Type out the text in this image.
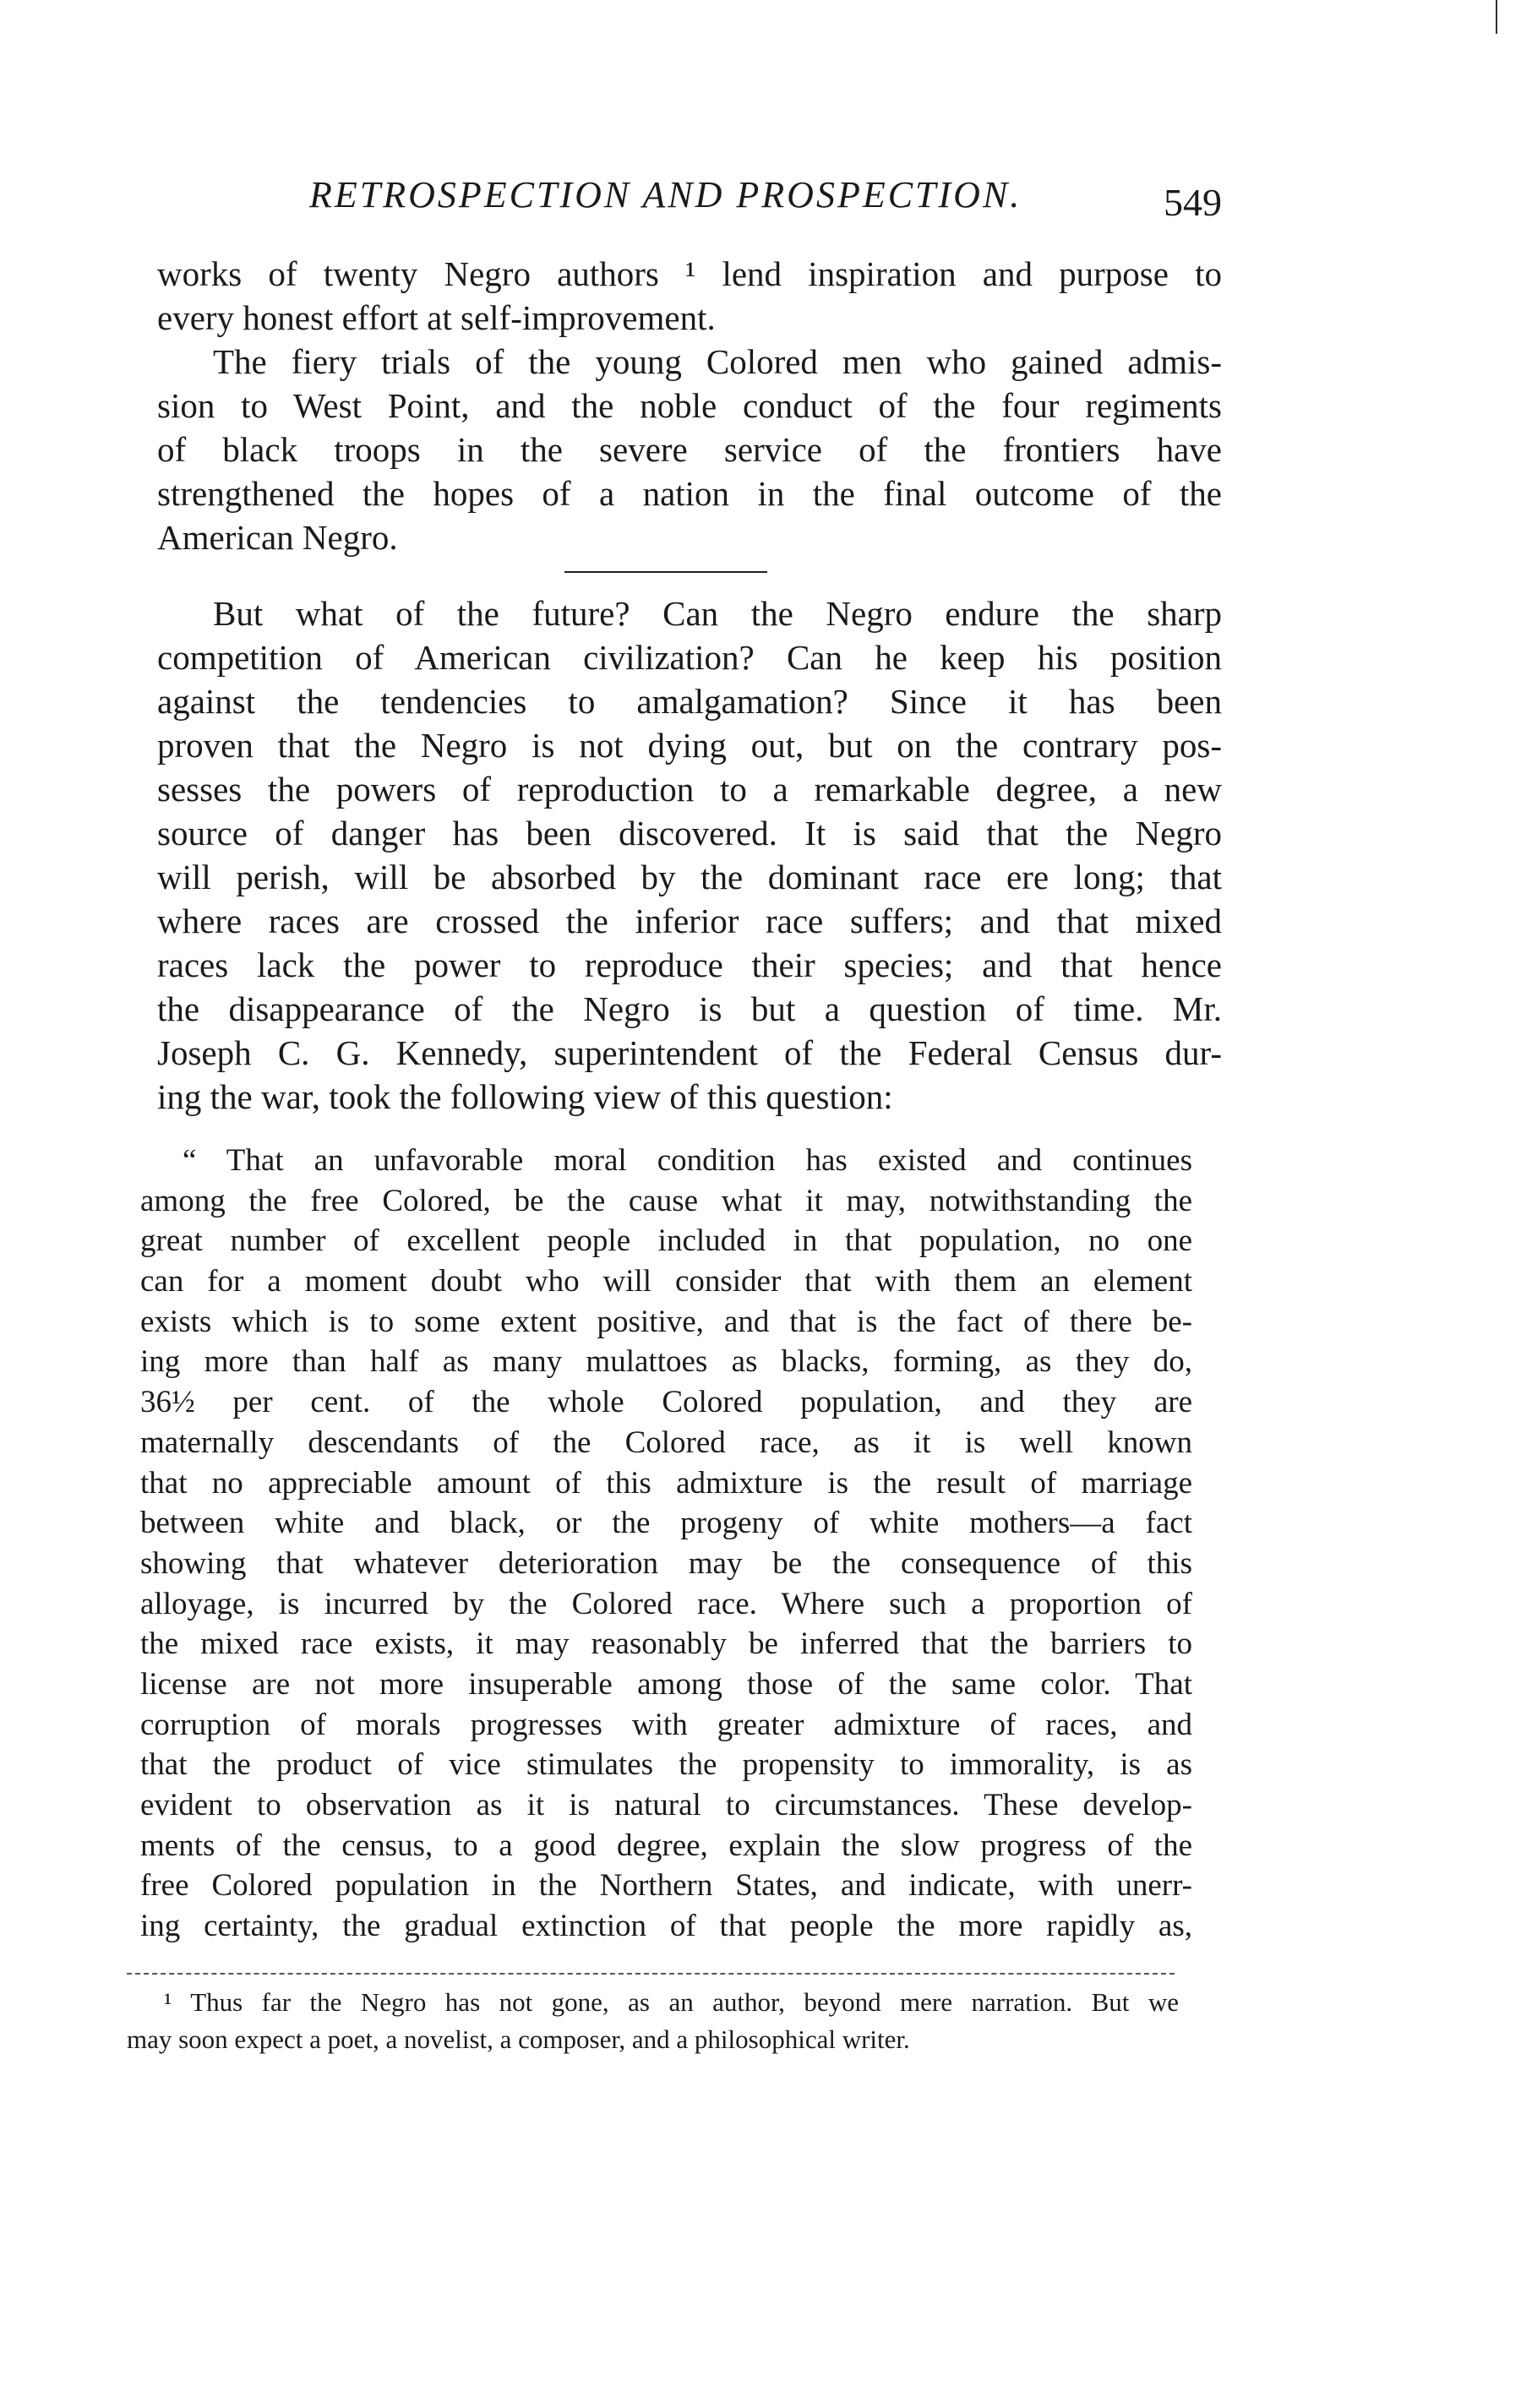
RETROSPECTION AND PROSPECTION.	549
works of twenty Negro authors ¹ lend inspiration and purpose to
every honest effort at self-improvement.
The fiery trials of the young Colored men who gained admis-
sion to West Point, and the noble conduct of the four regiments
of black troops in the severe service of the frontiers have
strengthened the hopes of a nation in the final outcome of the
American Negro.
But what of the future? Can the Negro endure the sharp
competition of American civilization? Can he keep his position
against the tendencies to amalgamation? Since it has been
proven that the Negro is not dying out, but on the contrary pos-
sesses the powers of reproduction to a remarkable degree, a new
source of danger has been discovered. It is said that the Negro
will perish, will be absorbed by the dominant race ere long; that
where races are crossed the inferior race suffers; and that mixed
races lack the power to reproduce their species; and that hence
the disappearance of the Negro is but a question of time. Mr.
Joseph C. G. Kennedy, superintendent of the Federal Census dur-
ing the war, took the following view of this question:
“ That an unfavorable moral condition has existed and continues
among the free Colored, be the cause what it may, notwithstanding the
great number of excellent people included in that population, no one
can for a moment doubt who will consider that with them an element
exists which is to some extent positive, and that is the fact of there be-
ing more than half as many mulattoes as blacks, forming, as they do,
36½ per cent. of the whole Colored population, and they are
maternally descendants of the Colored race, as it is well known
that no appreciable amount of this admixture is the result of marriage
between white and black, or the progeny of white mothers—a fact
showing that whatever deterioration may be the consequence of this
alloyage, is incurred by the Colored race. Where such a proportion of
the mixed race exists, it may reasonably be inferred that the barriers to
license are not more insuperable among those of the same color. That
corruption of morals progresses with greater admixture of races, and
that the product of vice stimulates the propensity to immorality, is as
evident to observation as it is natural to circumstances. These develop-
ments of the census, to a good degree, explain the slow progress of the
free Colored population in the Northern States, and indicate, with unerr-
ing certainty, the gradual extinction of that people the more rapidly as,
¹ Thus far the Negro has not gone, as an author, beyond mere narration. But we
may soon expect a poet, a novelist, a composer, and a philosophical writer.
